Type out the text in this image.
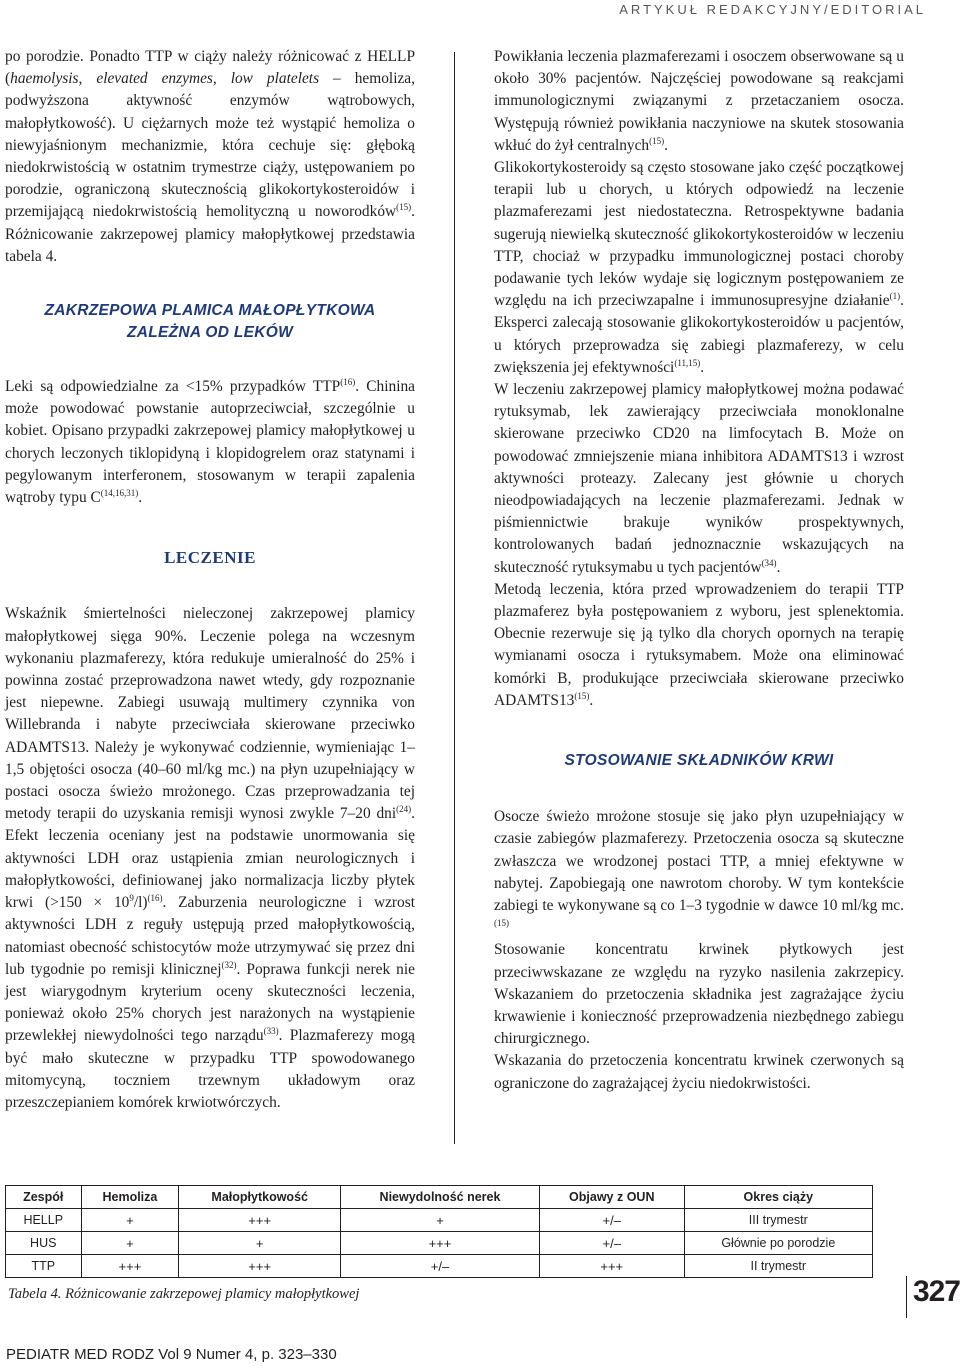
ARTYKUŁ REDAKCYJNY/EDITORIAL

po porodzie. Ponadto TTP w ciąży należy różnicować z HELLP (haemolysis, elevated enzymes, low platelets – hemoliza, podwyższona aktywność enzymów wątrobowych, małopłytkowość). U ciężarnych może też wystąpić hemoliza o niewyjaśnionym mechanizmie, która cechuje się: głęboką niedokrwistością w ostatnim trymestrze ciąży, ustępowaniem po porodzie, ograniczoną skutecznością glikokortykosteroidów i przemijającą niedokrwistością hemolityczną u noworodków$^{(15)}$. Różnicowanie zakrzepowej plamicy małopłytkowej przedstawia tabela 4.

ZAKRZEPOWA PLAMICA MAŁOPŁYTKOWA
ZALEŻNA OD LEKÓW

Leki są odpowiedzialne za <15% przypadków TTP$^{(16)}$. Chinina może powodować powstanie autoprzeciwciał, szczególnie u kobiet. Opisano przypadki zakrzepowej plamicy małopłytkowej u chorych leczonych tiklopidyną i klopidogrelem oraz statynami i pegylowanym interferonem, stosowanym w terapii zapalenia wątroby typu C$^{(14,16,31)}$.

LECZENIE

Wskaźnik śmiertelności nieleczonej zakrzepowej plamicy małopłytkowej sięga 90%. Leczenie polega na wczesnym wykonaniu plazmaferezy, która redukuje umieralność do 25% i powinna zostać przeprowadzona nawet wtedy, gdy rozpoznanie jest niepewne. Zabiegi usuwają multimery czynnika von Willebranda i nabyte przeciwciała skierowane przeciwko ADAMTS13. Należy je wykonywać codziennie, wymieniając 1–1,5 objętości osocza (40–60 ml/kg mc.) na płyn uzupełniający w postaci osocza świeżo mrożonego. Czas przeprowadzania tej metody terapii do uzyskania remisji wynosi zwykle 7–20 dni$^{(24)}$. Efekt leczenia oceniany jest na podstawie unormowania się aktywności LDH oraz ustąpienia zmian neurologicznych i małopłytkowości, definiowanej jako normalizacja liczby płytek krwi $(>150 \times 10^9/l)^{(16)}$. Zaburzenia neurologiczne i wzrost aktywności LDH z reguły ustępują przed małopłytkowością, natomiast obecność schistocytów może utrzymywać się przez dni lub tygodnie po remisji klinicznej$^{(32)}$. Poprawa funkcji nerek nie jest wiarygodnym kryterium oceny skuteczności leczenia, ponieważ około 25% chorych jest narażonych na wystąpienie przewlekłej niewydolności tego narządu$^{(33)}$. Plazmaferezy mogą być mało skuteczne w przypadku TTP spowodowanego mitomycyną, toczniem trzewnym układowym oraz przeszczepianiem komórek krwiotwórczych.

Powikłania leczenia plazmaferezami i osoczem obserwowane są u około 30% pacjentów. Najczęściej powodowane są reakcjami immunologicznymi związanymi z przetaczaniem osocza. Występują również powikłania naczyniowe na skutek stosowania wkłuć do żył centralnych$^{(15)}$.

Glikokortykosteroidy są często stosowane jako część początkowej terapii lub u chorych, u których odpowiedź na leczenie plazmaferezami jest niedostateczna. Retrospektywne badania sugerują niewielką skuteczność glikokortykosteroidów w leczeniu TTP, chociaż w przypadku immunologicznej postaci choroby podawanie tych leków wydaje się logicznym postępowaniem ze względu na ich przeciwzapalne i immunosupresyjne działanie$^{(1)}$. Eksperci zalecają stosowanie glikokortykosteroidów u pacjentów, u których przeprowadza się zabiegi plazmaferezy, w celu zwiększenia jej efektywności$^{(11,15)}$.

W leczeniu zakrzepowej plamicy małopłytkowej można podawać rytuksymab, lek zawierający przeciwciała monoklonalne skierowane przeciwko CD20 na limfocytach B. Może on powodować zmniejszenie miana inhibitora ADAMTS13 i wzrost aktywności proteazy. Zalecany jest głównie u chorych nieodpowiadających na leczenie plazmaferezami. Jednak w piśmiennictwie brakuje wyników prospektywnych, kontrolowanych badań jednoznacznie wskazujących na skuteczność rytuksymabu u tych pacjentów$^{(34)}$.

Metodą leczenia, która przed wprowadzeniem do terapii TTP plazmaferez była postępowaniem z wyboru, jest splenektomia. Obecnie rezerwuje się ją tylko dla chorych opornych na terapię wymianami osocza i rytuksymabem. Może ona eliminować komórki B, produkujące przeciwciała skierowane przeciwko ADAMTS13$^{(15)}$.

STOSOWANIE SKŁADNIKÓW KRWI

Osocze świeżo mrożone stosuje się jako płyn uzupełniający w czasie zabiegów plazmaferezy. Przetoczenia osocza są skuteczne zwłaszcza we wrodzonej postaci TTP, a mniej efektywne w nabytej. Zapobiegają one nawrotom choroby. W tym kontekście zabiegi te wykonywane są co 1–3 tygodnie w dawce 10 ml/kg mc.$^{(15)}$

Stosowanie koncentratu krwinek płytkowych jest przeciwwskazane ze względu na ryzyko nasilenia zakrzepicy. Wskazaniem do przetoczenia składnika jest zagrażające życiu krwawienie i konieczność przeprowadzenia niezbędnego zabiegu chirurgicznego.

Wskazania do przetoczenia koncentratu krwinek czerwonych są ograniczone do zagrażającej życiu niedokrwistości.

Zespół	Hemoliza	Małopłytkowość	Niewydolność nerek	Objawy z OUN	Okres ciąży
HELLP	+	+++	+	+/–	III trymestr
HUS	+	+	+++	+/–	Głównie po porodzie
TTP	+++	+++	+/–	+++	II trymestr
Tabela 4. Różnicowanie zakrzepowej plamicy małopłytkowej	327
PEDIATR MED RODZ Vol 9 Numer 4, p. 323–330
